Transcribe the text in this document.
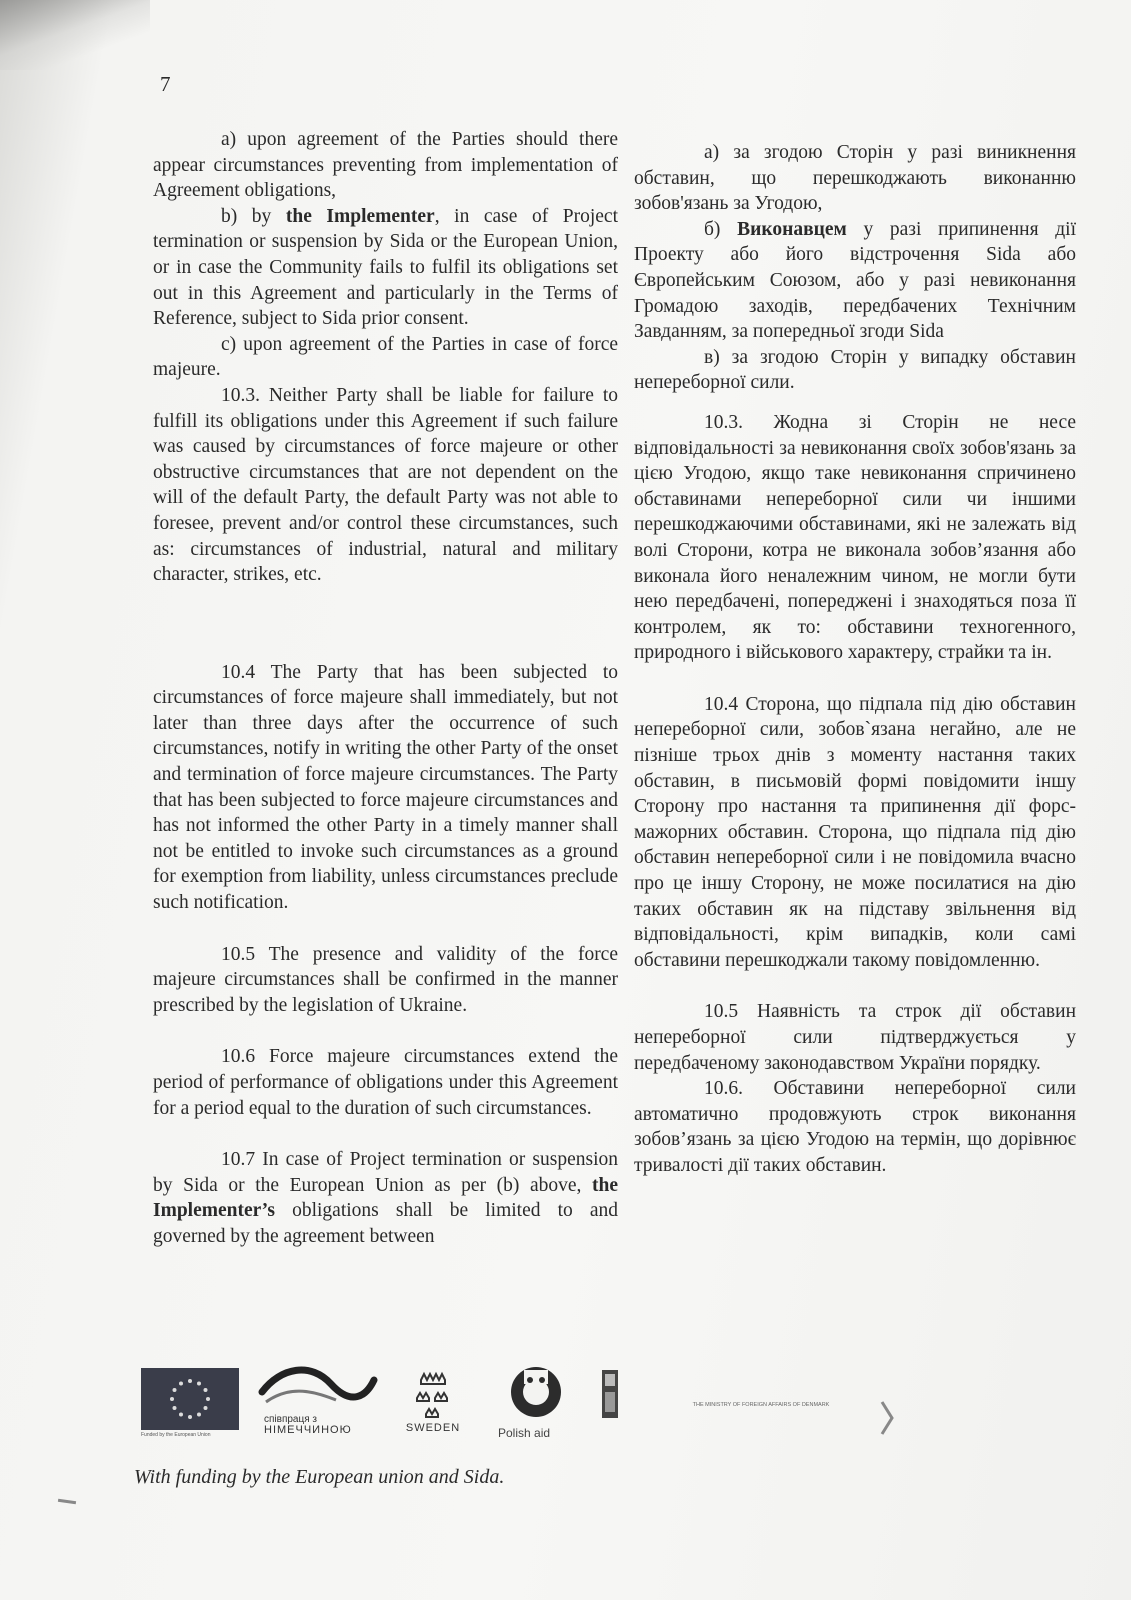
7

a) upon agreement of the Parties should there appear circumstances preventing from implementation of Agreement obligations,

b) by the Implementer, in case of Project termination or suspension by Sida or the European Union, or in case the Community fails to fulfil its obligations set out in this Agreement and particularly in the Terms of Reference, subject to Sida prior consent.

c) upon agreement of the Parties in case of force majeure.

10.3. Neither Party shall be liable for failure to fulfill its obligations under this Agreement if such failure was caused by circumstances of force majeure or other obstructive circumstances that are not dependent on the will of the default Party, the default Party was not able to foresee, prevent and/or control these circumstances, such as: circumstances of industrial, natural and military character, strikes, etc.

10.4 The Party that has been subjected to circumstances of force majeure shall immediately, but not later than three days after the occurrence of such circumstances, notify in writing the other Party of the onset and termination of force majeure circumstances. The Party that has been subjected to force majeure circumstances and has not informed the other Party in a timely manner shall not be entitled to invoke such circumstances as a ground for exemption from liability, unless circumstances preclude such notification.

10.5 The presence and validity of the force majeure circumstances shall be confirmed in the manner prescribed by the legislation of Ukraine.

10.6 Force majeure circumstances extend the period of performance of obligations under this Agreement for a period equal to the duration of such circumstances.

10.7 In case of Project termination or suspension by Sida or the European Union as per (b) above, the Implementer’s obligations shall be limited to and governed by the agreement between

а) за згодою Сторін у разі виникнення обставин, що перешкоджають виконанню зобов'язань за Угодою,

б) Виконавцем у разі припинення дії Проекту або його відстрочення Sida або Європейським Союзом, або у разі невиконання Громадою заходів, передбачених Технічним Завданням, за попередньої згоди Sida

в) за згодою Сторін у випадку обставин непереборної сили.

10.3. Жодна зі Сторін не несе відповідальності за невиконання своїх зобов'язань за цією Угодою, якщо таке невиконання спричинено обставинами непереборної сили чи іншими перешкоджаючими обставинами, які не залежать від волі Сторони, котра не виконала зобов’язання або виконала його неналежним чином, не могли бути нею передбачені, попереджені і знаходяться поза її контролем, як то: обставини техногенного, природного і військового характеру, страйки та ін.

10.4 Сторона, що підпала під дію обставин непереборної сили, зобов`язана негайно, але не пізніше трьох днів з моменту настання таких обставин, в письмовій формі повідомити іншу Сторону про настання та припинення дії форс-мажорних обставин. Сторона, що підпала під дію обставин непереборної сили і не повідомила вчасно про це іншу Сторону, не може посилатися на дію таких обставин як на підставу звільнення від відповідальності, крім випадків, коли самі обставини перешкоджали такому повідомленню.

10.5 Наявність та строк дії обставин непереборної сили підтверджується у передбаченому законодавством України порядку.

10.6. Обставини непереборної сили автоматично продовжують строк виконання зобов’язань за цією Угодою на термін, що дорівнює тривалості дії таких обставин.

Funded by the European Union
співпраця з
НІМЕЧЧИНОЮ	SWEDEN	Polish aid
THE MINISTRY OF FOREIGN AFFAIRS OF DENMARK
With funding by the European union and Sida.
